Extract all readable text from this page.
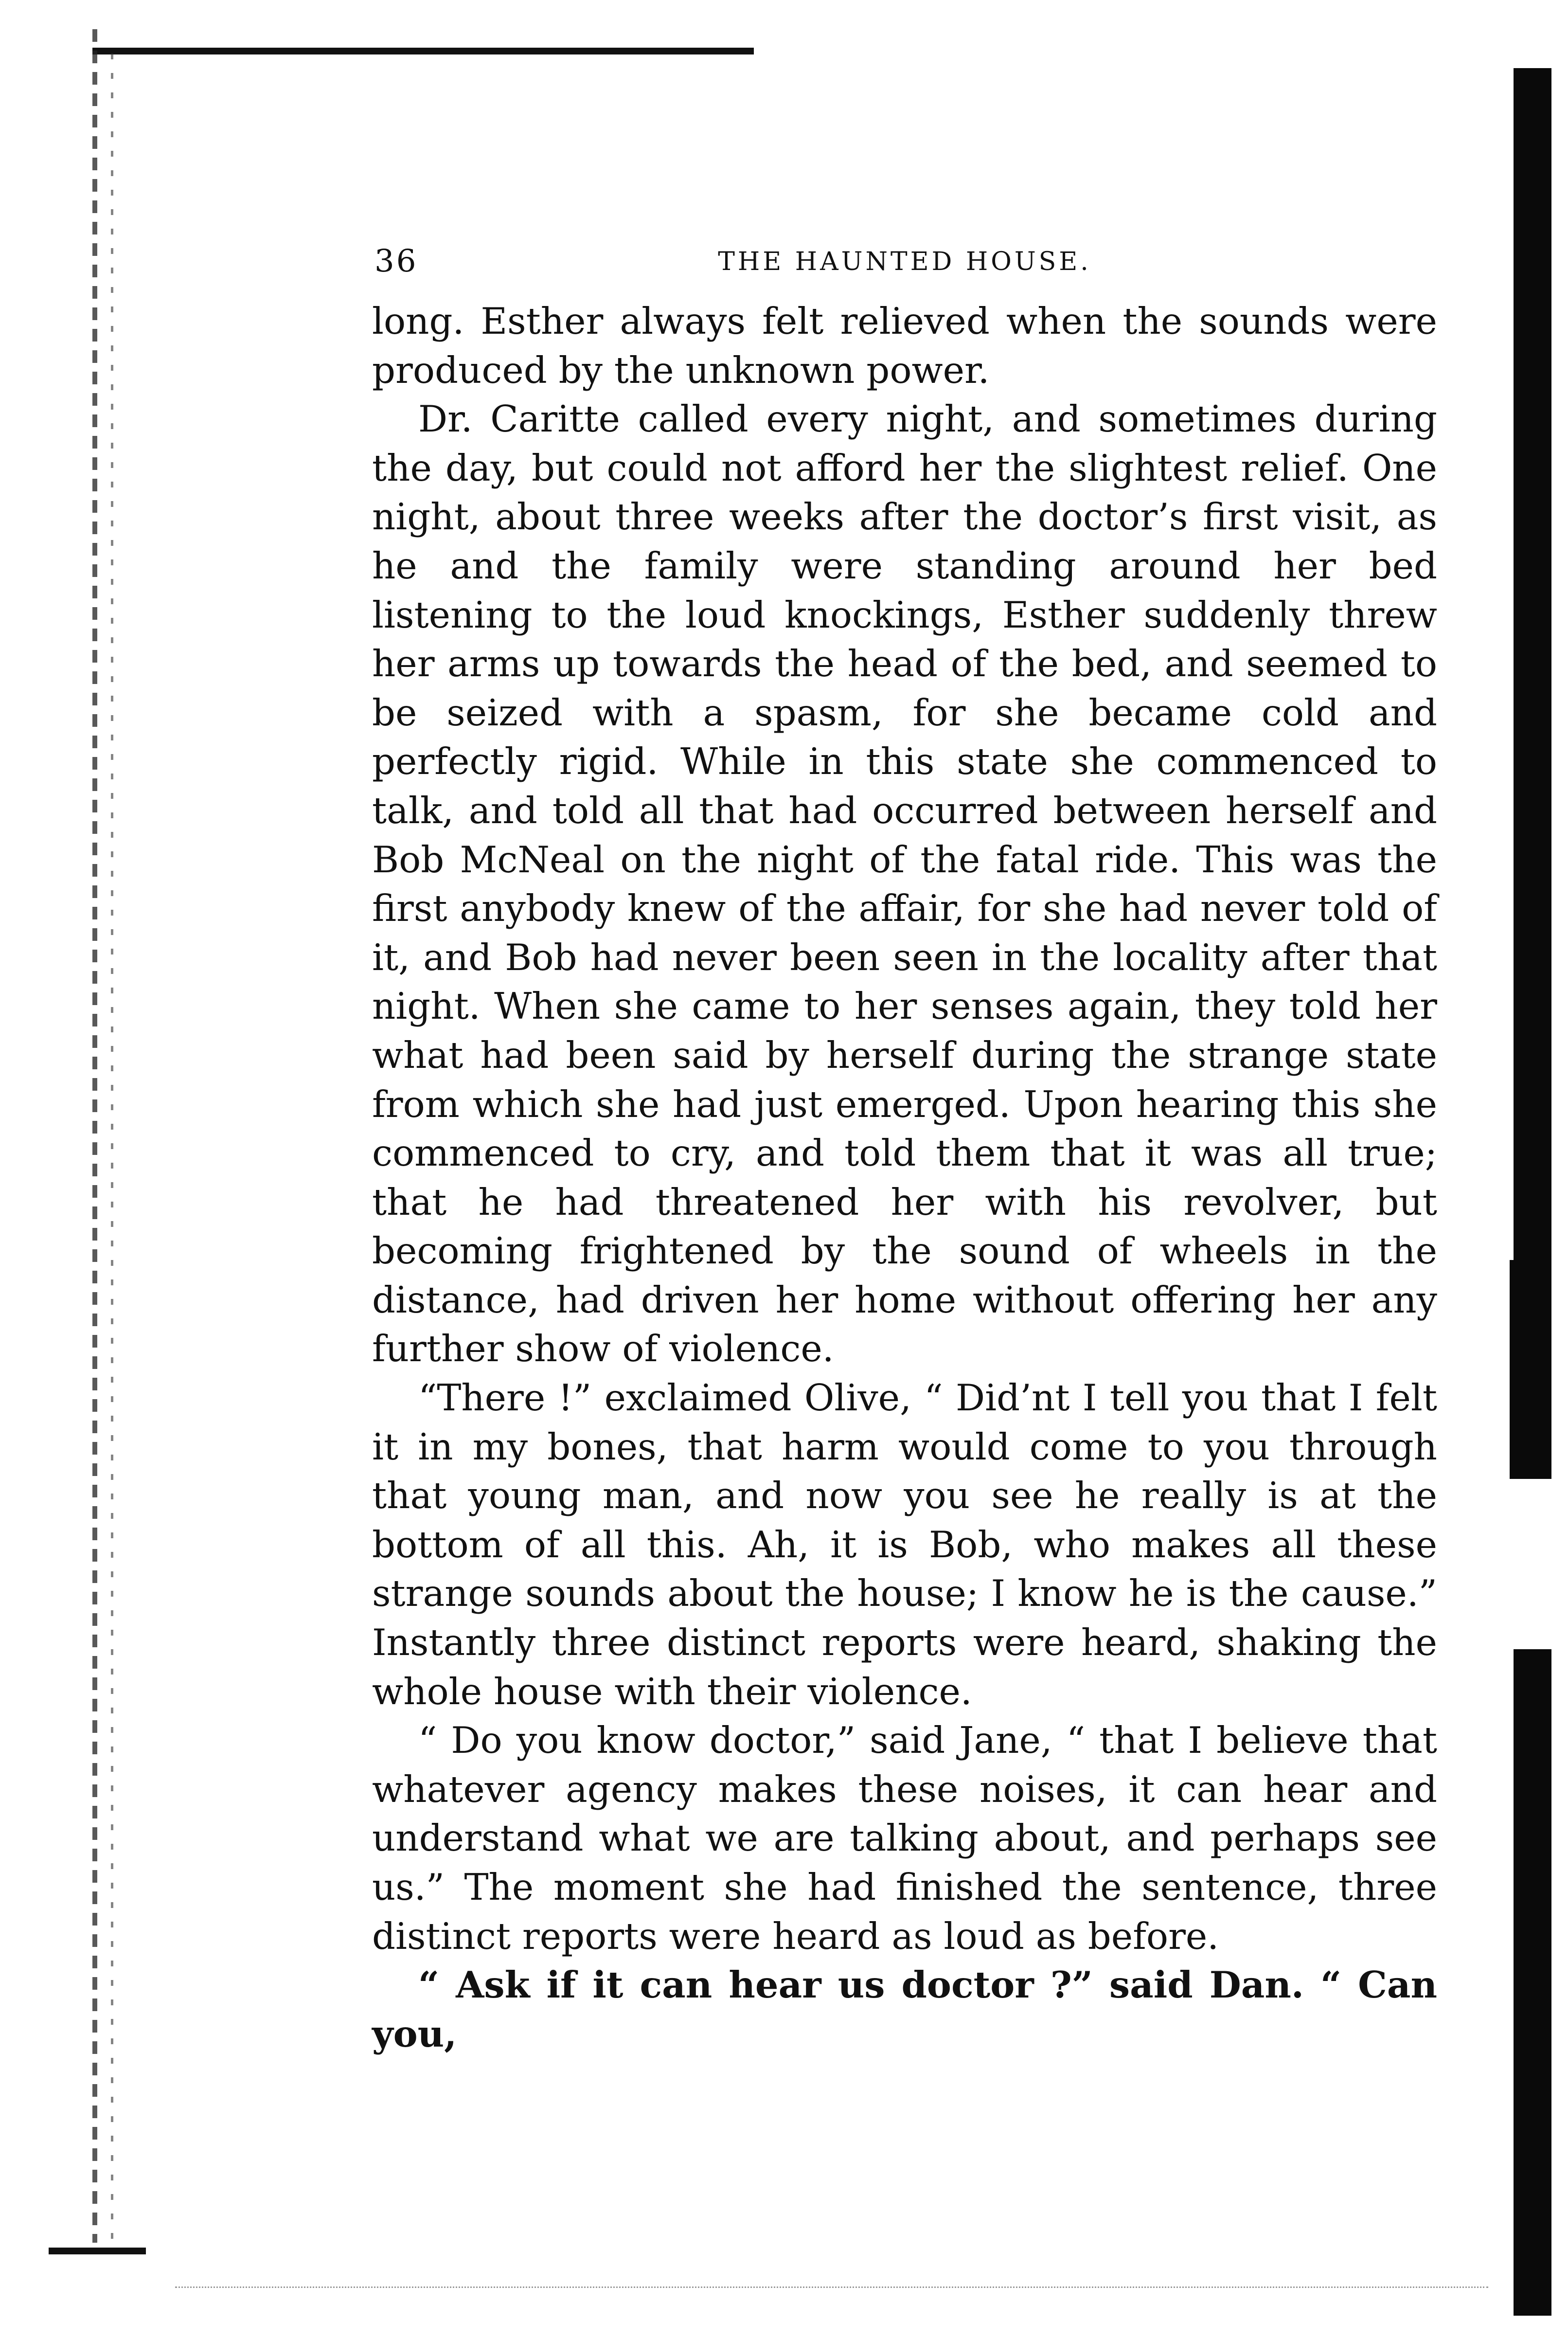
36	THE HAUNTED HOUSE.

long. Esther always felt relieved when the sounds were produced by the unknown power.

Dr. Caritte called every night, and sometimes during the day, but could not afford her the slightest relief. One night, about three weeks after the doctor’s first visit, as he and the family were standing around her bed listening to the loud knockings, Esther suddenly threw her arms up towards the head of the bed, and seemed to be seized with a spasm, for she became cold and perfectly rigid. While in this state she commenced to talk, and told all that had occurred between herself and Bob McNeal on the night of the fatal ride. This was the first anybody knew of the affair, for she had never told of it, and Bob had never been seen in the locality after that night. When she came to her senses again, they told her what had been said by herself during the strange state from which she had just emerged. Upon hearing this she commenced to cry, and told them that it was all true; that he had threatened her with his revolver, but becoming frightened by the sound of wheels in the distance, had driven her home without offering her any further show of violence.

“There !” exclaimed Olive, “ Did’nt I tell you that I felt it in my bones, that harm would come to you through that young man, and now you see he really is at the bottom of all this. Ah, it is Bob, who makes all these strange sounds about the house; I know he is the cause.” Instantly three distinct reports were heard, shaking the whole house with their violence.

“ Do you know doctor,” said Jane, “ that I believe that whatever agency makes these noises, it can hear and understand what we are talking about, and perhaps see us.” The moment she had finished the sentence, three distinct reports were heard as loud as before.

“ Ask if it can hear us doctor ?” said Dan. “ Can you,
